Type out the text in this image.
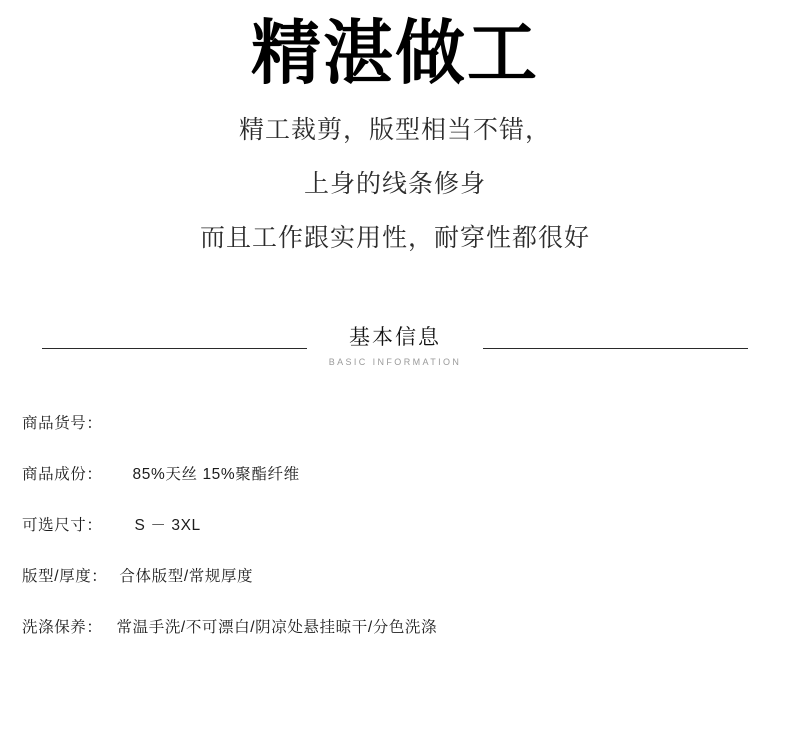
精湛做工

精工裁剪，版型相当不错，

上身的线条修身

而且工作跟实用性，耐穿性都很好

基本信息
BASIC INFORMATION
商品货号：
商品成份：	85%天丝 15%聚酯纤维
可选尺寸：	S － 3XL
版型/厚度： 合体版型/常规厚度
洗涤保养： 常温手洗/不可漂白/阴凉处悬挂晾干/分色洗涤
